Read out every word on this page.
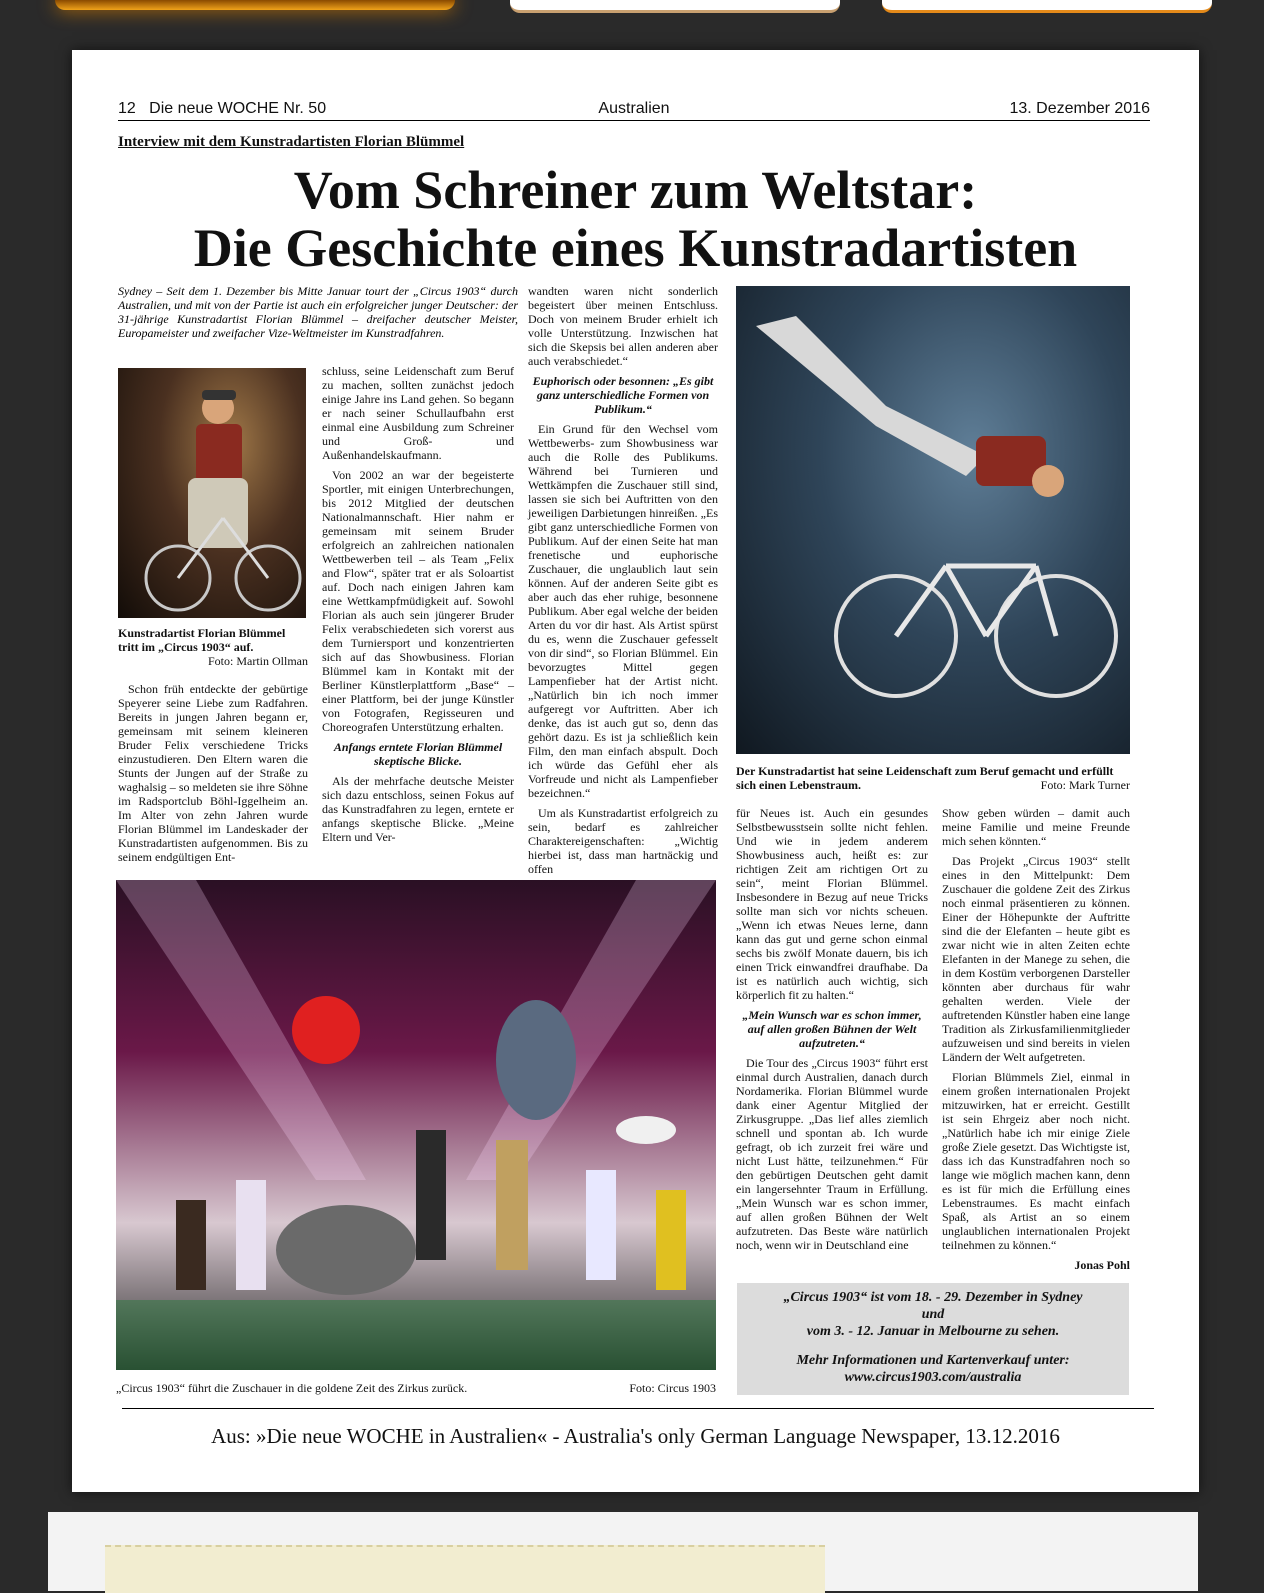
12   Die neue WOCHE Nr. 50	Australien	13. Dezember 2016
Interview mit dem Kunstradartisten Florian Blümmel
Vom Schreiner zum Weltstar:
Die Geschichte eines Kunstradartisten
Sydney – Seit dem 1. Dezember bis Mitte Januar tourt der „Circus 1903“ durch Australien, und mit von der Partie ist auch ein erfolgreicher junger Deutscher: der 31-jährige Kunstradartist Florian Blümmel – dreifacher deutscher Meister, Europameister und zweifacher Vize-Weltmeister im Kunstradfahren.
Kunstradartist Florian Blümmel tritt im „Circus 1903“ auf.
Foto: Martin Ollman

Schon früh entdeckte der gebürtige Speyerer seine Liebe zum Radfahren. Bereits in jungen Jahren begann er, gemeinsam mit seinem kleineren Bruder Felix verschiedene Tricks einzustudieren. Den Eltern waren die Stunts der Jungen auf der Straße zu waghalsig – so meldeten sie ihre Söhne im Radsportclub Böhl-Iggelheim an. Im Alter von zehn Jahren wurde Florian Blümmel im Landeskader der Kunstradartisten aufgenommen. Bis zu seinem endgültigen Ent-

schluss, seine Leidenschaft zum Beruf zu machen, sollten zunächst jedoch einige Jahre ins Land gehen. So begann er nach seiner Schullaufbahn erst einmal eine Ausbildung zum Schreiner und Groß- und Außenhandelskaufmann.

Von 2002 an war der begeisterte Sportler, mit einigen Unterbrechungen, bis 2012 Mitglied der deutschen Nationalmannschaft. Hier nahm er gemeinsam mit seinem Bruder erfolgreich an zahlreichen nationalen Wettbewerben teil – als Team „Felix and Flow“, später trat er als Soloartist auf. Doch nach einigen Jahren kam eine Wettkampfmüdigkeit auf. Sowohl Florian als auch sein jüngerer Bruder Felix verabschiedeten sich vorerst aus dem Turniersport und konzentrierten sich auf das Showbusiness. Florian Blümmel kam in Kontakt mit der Berliner Künstlerplattform „Base“ – einer Plattform, bei der junge Künstler von Fotografen, Regisseuren und Choreografen Unterstützung erhalten.

Anfangs erntete Florian Blümmel skeptische Blicke.

Als der mehrfache deutsche Meister sich dazu entschloss, seinen Fokus auf das Kunstradfahren zu legen, erntete er anfangs skeptische Blicke. „Meine Eltern und Ver-

wandten waren nicht sonderlich begeistert über meinen Entschluss. Doch von meinem Bruder erhielt ich volle Unterstützung. Inzwischen hat sich die Skepsis bei allen anderen aber auch verabschiedet.“

Euphorisch oder besonnen: „Es gibt ganz unterschiedliche Formen von Publikum.“

Ein Grund für den Wechsel vom Wettbewerbs- zum Showbusiness war auch die Rolle des Publikums. Während bei Turnieren und Wettkämpfen die Zuschauer still sind, lassen sie sich bei Auftritten von den jeweiligen Darbietungen hinreißen. „Es gibt ganz unterschiedliche Formen von Publikum. Auf der einen Seite hat man frenetische und euphorische Zuschauer, die unglaublich laut sein können. Auf der anderen Seite gibt es aber auch das eher ruhige, besonnene Publikum. Aber egal welche der beiden Arten du vor dir hast. Als Artist spürst du es, wenn die Zuschauer gefesselt von dir sind“, so Florian Blümmel. Ein bevorzugtes Mittel gegen Lampenfieber hat der Artist nicht. „Natürlich bin ich noch immer aufgeregt vor Auftritten. Aber ich denke, das ist auch gut so, denn das gehört dazu. Es ist ja schließlich kein Film, den man einfach abspult. Doch ich würde das Gefühl eher als Vorfreude und nicht als Lampenfieber bezeichnen.“

Um als Kunstradartist erfolgreich zu sein, bedarf es zahlreicher Charaktereigenschaften: „Wichtig hierbei ist, dass man hartnäckig und offen

Der Kunstradartist hat seine Leidenschaft zum Beruf gemacht und erfüllt sich einen Lebenstraum.	Foto: Mark Turner

für Neues ist. Auch ein gesundes Selbstbewusstsein sollte nicht fehlen. Und wie in jedem anderem Showbusiness auch, heißt es: zur richtigen Zeit am richtigen Ort zu sein“, meint Florian Blümmel. Insbesondere in Bezug auf neue Tricks sollte man sich vor nichts scheuen. „Wenn ich etwas Neues lerne, dann kann das gut und gerne schon einmal sechs bis zwölf Monate dauern, bis ich einen Trick einwandfrei draufhabe. Da ist es natürlich auch wichtig, sich körperlich fit zu halten.“

„Mein Wunsch war es schon immer, auf allen großen Bühnen der Welt aufzutreten.“

Die Tour des „Circus 1903“ führt erst einmal durch Australien, danach durch Nordamerika. Florian Blümmel wurde dank einer Agentur Mitglied der Zirkusgruppe. „Das lief alles ziemlich schnell und spontan ab. Ich wurde gefragt, ob ich zurzeit frei wäre und nicht Lust hätte, teilzunehmen.“ Für den gebürtigen Deutschen geht damit ein langersehnter Traum in Erfüllung. „Mein Wunsch war es schon immer, auf allen großen Bühnen der Welt aufzutreten. Das Beste wäre natürlich noch, wenn wir in Deutschland eine

Show geben würden – damit auch meine Familie und meine Freunde mich sehen könnten.“

Das Projekt „Circus 1903“ stellt eines in den Mittelpunkt: Dem Zuschauer die goldene Zeit des Zirkus noch einmal präsentieren zu können. Einer der Höhepunkte der Auftritte sind die der Elefanten – heute gibt es zwar nicht wie in alten Zeiten echte Elefanten in der Manege zu sehen, die in dem Kostüm verborgenen Darsteller könnten aber durchaus für wahr gehalten werden. Viele der auftretenden Künstler haben eine lange Tradition als Zirkusfamilienmitglieder aufzuweisen und sind bereits in vielen Ländern der Welt aufgetreten.

Florian Blümmels Ziel, einmal in einem großen internationalen Projekt mitzuwirken, hat er erreicht. Gestillt ist sein Ehrgeiz aber noch nicht. „Natürlich habe ich mir einige Ziele große Ziele gesetzt. Das Wichtigste ist, dass ich das Kunstradfahren noch so lange wie möglich machen kann, denn es ist für mich die Erfüllung eines Lebenstraumes. Es macht einfach Spaß, als Artist an so einem unglaublichen internationalen Projekt teilnehmen zu können.“

Jonas Pohl
„Circus 1903“ führt die Zuschauer in die goldene Zeit des Zirkus zurück.	Foto: Circus 1903
„Circus 1903“ ist vom 18. - 29. Dezember in Sydney
und
vom 3. - 12. Januar in Melbourne zu sehen.
Mehr Informationen und Kartenverkauf unter:
www.circus1903.com/australia
Aus: »Die neue WOCHE in Australien« - Australia's only German Language Newspaper, 13.12.2016
